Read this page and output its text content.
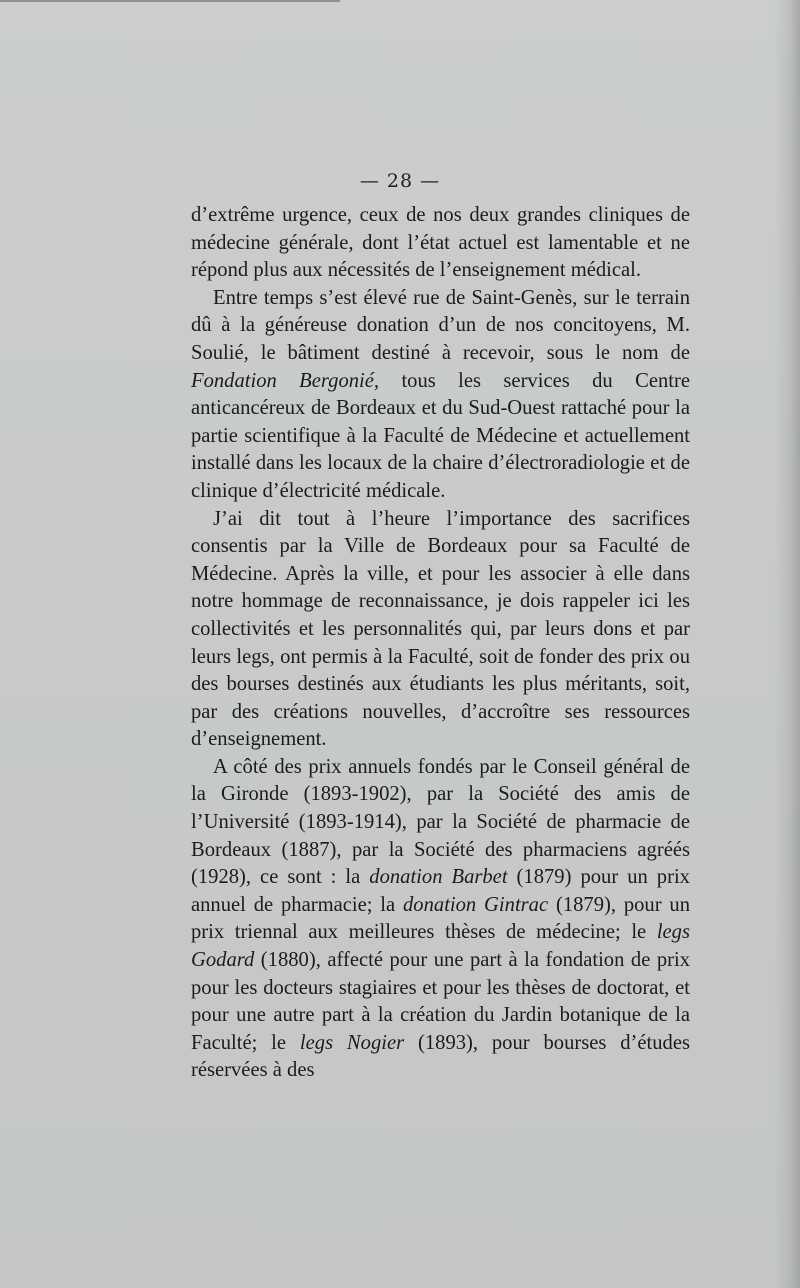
— 28 —

d’extrême urgence, ceux de nos deux grandes cliniques de médecine générale, dont l’état actuel est lamentable et ne répond plus aux nécessités de l’enseignement médical.

Entre temps s’est élevé rue de Saint-Genès, sur le terrain dû à la généreuse donation d’un de nos concitoyens, M. Soulié, le bâtiment destiné à recevoir, sous le nom de Fondation Bergonié, tous les services du Centre anticancéreux de Bordeaux et du Sud-Ouest rattaché pour la partie scientifique à la Faculté de Médecine et actuellement installé dans les locaux de la chaire d’électroradiologie et de clinique d’électricité médicale.

J’ai dit tout à l’heure l’importance des sacrifices consentis par la Ville de Bordeaux pour sa Faculté de Médecine. Après la ville, et pour les associer à elle dans notre hommage de reconnaissance, je dois rappeler ici les collectivités et les personnalités qui, par leurs dons et par leurs legs, ont permis à la Faculté, soit de fonder des prix ou des bourses destinés aux étudiants les plus méritants, soit, par des créations nouvelles, d’accroître ses ressources d’enseignement.

A côté des prix annuels fondés par le Conseil général de la Gironde (1893-1902), par la Société des amis de l’Université (1893-1914), par la Société de pharmacie de Bordeaux (1887), par la Société des pharmaciens agréés (1928), ce sont : la donation Barbet (1879) pour un prix annuel de pharmacie; la donation Gintrac (1879), pour un prix triennal aux meilleures thèses de médecine; le legs Godard (1880), affecté pour une part à la fondation de prix pour les docteurs stagiaires et pour les thèses de doctorat, et pour une autre part à la création du Jardin botanique de la Faculté; le legs Nogier (1893), pour bourses d’études réservées à des
